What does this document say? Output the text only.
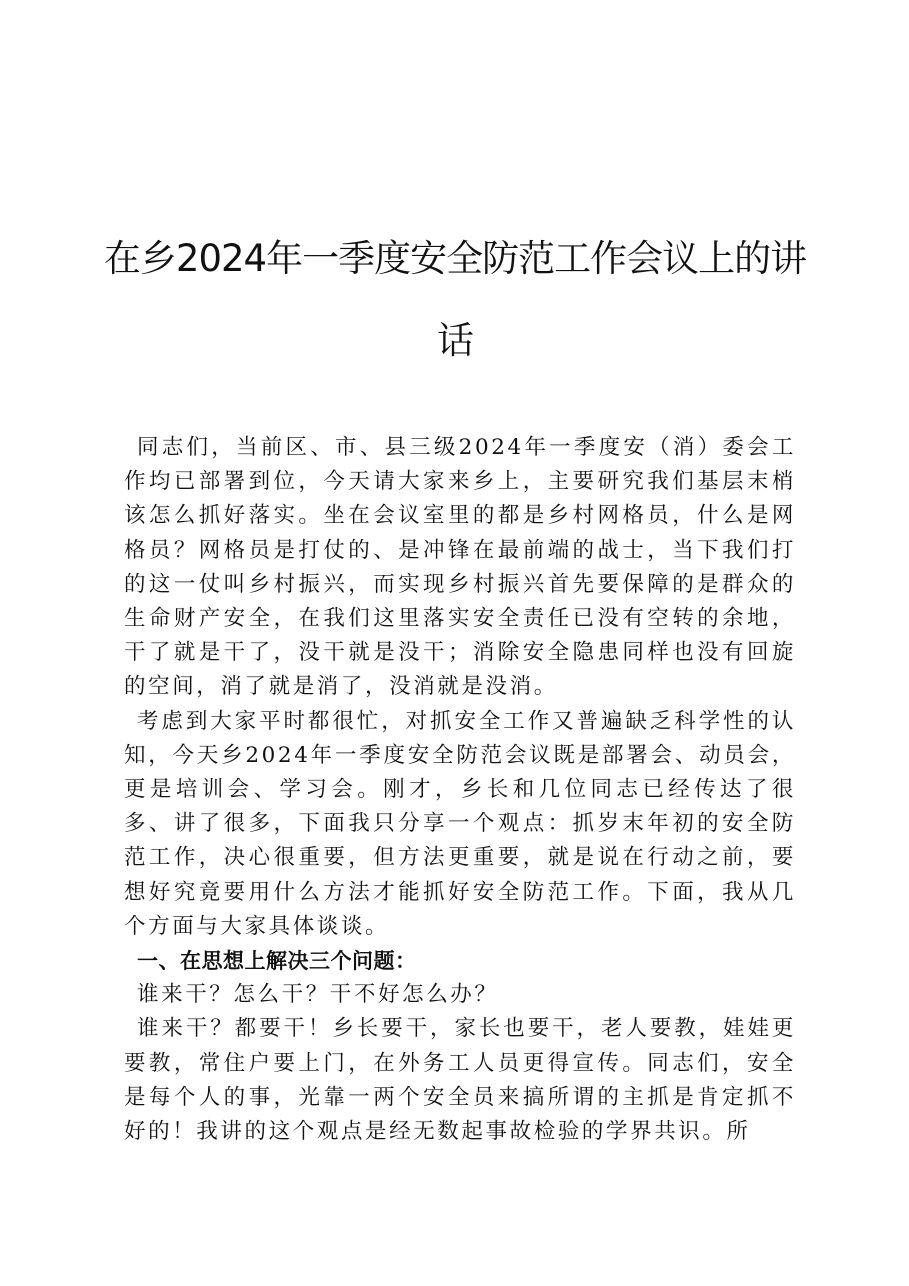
在乡2024年一季度安全防范工作会议上的讲话

同志们，当前区、市、县三级2024年一季度安（消）委会工作均已部署到位，今天请大家来乡上，主要研究我们基层末梢该怎么抓好落实。坐在会议室里的都是乡村网格员，什么是网格员？网格员是打仗的、是冲锋在最前端的战士，当下我们打的这一仗叫乡村振兴，而实现乡村振兴首先要保障的是群众的生命财产安全，在我们这里落实安全责任已没有空转的余地，干了就是干了，没干就是没干；消除安全隐患同样也没有回旋的空间，消了就是消了，没消就是没消。

考虑到大家平时都很忙，对抓安全工作又普遍缺乏科学性的认知，今天乡2024年一季度安全防范会议既是部署会、动员会，更是培训会、学习会。刚才，乡长和几位同志已经传达了很多、讲了很多，下面我只分享一个观点：抓岁末年初的安全防范工作，决心很重要，但方法更重要，就是说在行动之前，要想好究竟要用什么方法才能抓好安全防范工作。下面，我从几个方面与大家具体谈谈。

一、在思想上解决三个问题：

谁来干？怎么干？干不好怎么办？

谁来干？都要干！乡长要干，家长也要干，老人要教，娃娃更要教，常住户要上门，在外务工人员更得宣传。同志们，安全是每个人的事，光靠一两个安全员来搞所谓的主抓是肯定抓不好的！我讲的这个观点是经无数起事故检验的学界共识。所
